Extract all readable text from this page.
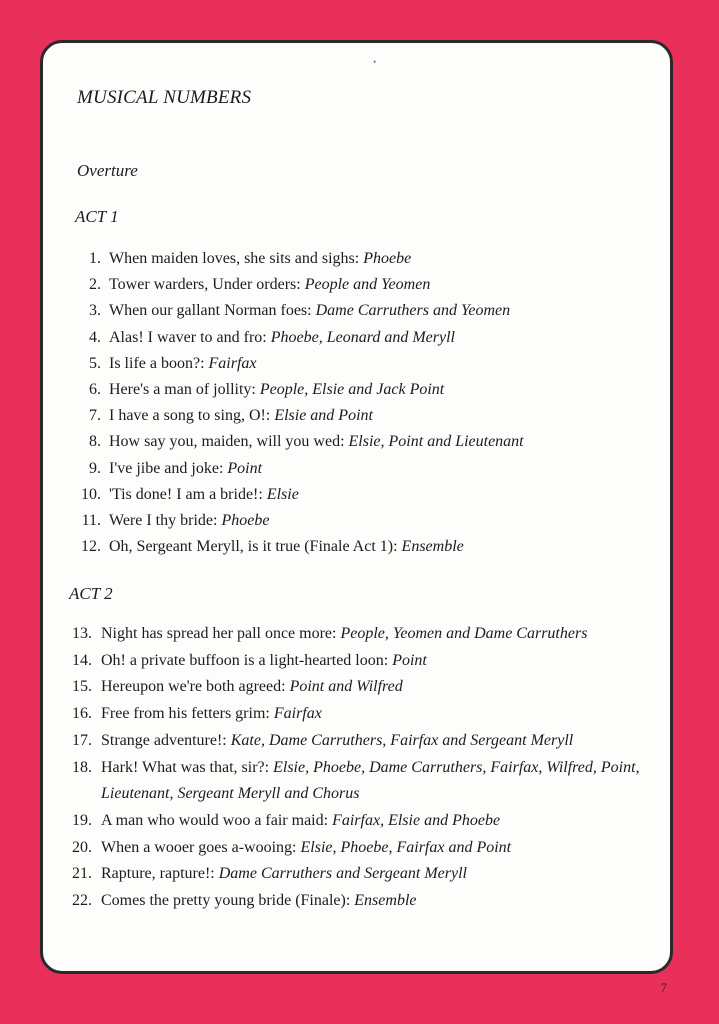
•
MUSICAL NUMBERS
Overture
ACT 1
1. When maiden loves, she sits and sighs: Phoebe
2. Tower warders, Under orders: People and Yeomen
3. When our gallant Norman foes: Dame Carruthers and Yeomen
4. Alas! I waver to and fro: Phoebe, Leonard and Meryll
5. Is life a boon?: Fairfax
6. Here's a man of jollity: People, Elsie and Jack Point
7. I have a song to sing, O!: Elsie and Point
8. How say you, maiden, will you wed: Elsie, Point and Lieutenant
9. I've jibe and joke: Point
10. 'Tis done! I am a bride!: Elsie
11. Were I thy bride: Phoebe
12. Oh, Sergeant Meryll, is it true (Finale Act 1): Ensemble
ACT 2
13. Night has spread her pall once more: People, Yeomen and Dame Carruthers
14. Oh! a private buffoon is a light-hearted loon: Point
15. Hereupon we're both agreed: Point and Wilfred
16. Free from his fetters grim: Fairfax
17. Strange adventure!: Kate, Dame Carruthers, Fairfax and Sergeant Meryll
18. Hark! What was that, sir?: Elsie, Phoebe, Dame Carruthers, Fairfax, Wilfred, Point, Lieutenant, Sergeant Meryll and Chorus
19. A man who would woo a fair maid: Fairfax, Elsie and Phoebe
20. When a wooer goes a-wooing: Elsie, Phoebe, Fairfax and Point
21. Rapture, rapture!: Dame Carruthers and Sergeant Meryll
22. Comes the pretty young bride (Finale): Ensemble
7
